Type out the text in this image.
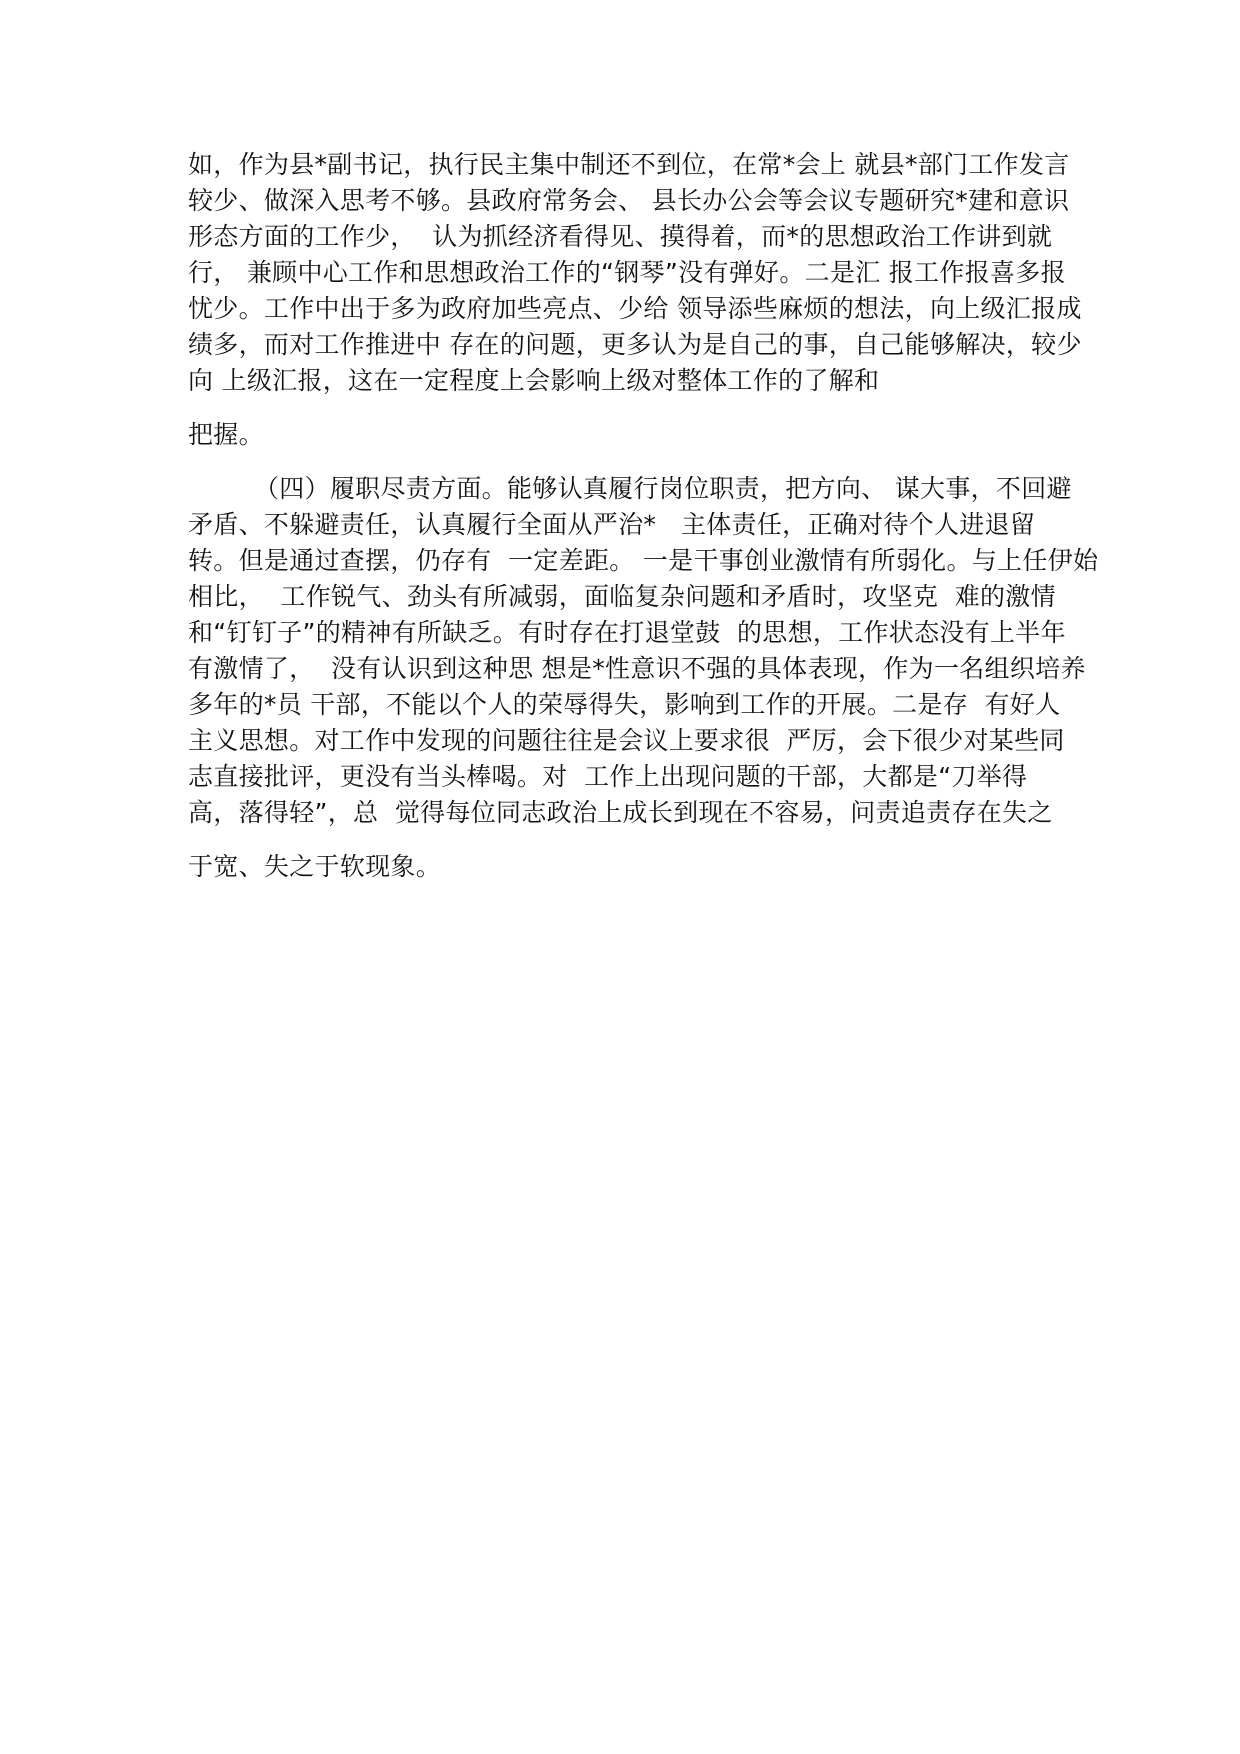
如，作为县*副书记，执行民主集中制还不到位，在常*会上 就县*部门工作发言
较少、做深入思考不够。县政府常务会、 县长办公会等会议专题研究*建和意识
形态方面的工作少，  认为抓经济看得见、摸得着，而*的思想政治工作讲到就
行， 兼顾中心工作和思想政治工作的“钢琴”没有弹好。二是汇 报工作报喜多报
忧少。工作中出于多为政府加些亮点、少给 领导添些麻烦的想法，向上级汇报成
绩多，而对工作推进中 存在的问题，更多认为是自己的事，自己能够解决，较少
向 上级汇报，这在一定程度上会影响上级对整体工作的了解和
把握。
（四）履职尽责方面。能够认真履行岗位职责，把方向、 谋大事，不回避
矛盾、不躲避责任，认真履行全面从严治*   主体责任，正确对待个人进退留
转。但是通过查摆，仍存有  一定差距。 一是干事创业激情有所弱化。与上任伊始
相比，  工作锐气、劲头有所减弱，面临复杂问题和矛盾时，攻坚克  难的激情
和“钉钉子”的精神有所缺乏。有时存在打退堂鼓  的思想，工作状态没有上半年
有激情了，  没有认识到这种思 想是*性意识不强的具体表现，作为一名组织培养
多年的*员 干部，不能以个人的荣辱得失，影响到工作的开展。二是存  有好人
主义思想。对工作中发现的问题往往是会议上要求很  严厉，会下很少对某些同
志直接批评，更没有当头棒喝。对  工作上出现问题的干部，大都是“刀举得
高，落得轻”，总  觉得每位同志政治上成长到现在不容易，问责追责存在失之
于宽、失之于软现象。
